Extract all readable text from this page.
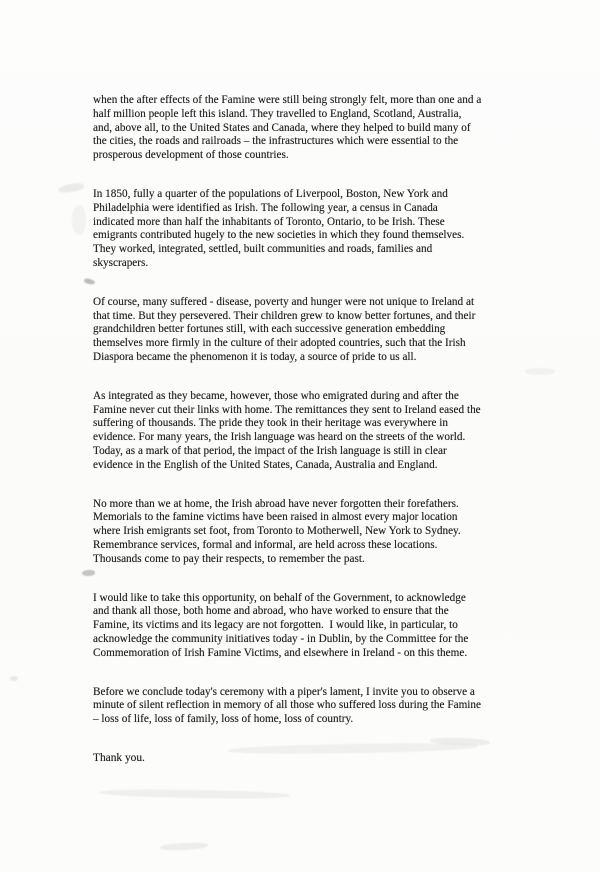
when the after effects of the Famine were still being strongly felt, more than one and a
half million people left this island. They travelled to England, Scotland, Australia,
and, above all, to the United States and Canada, where they helped to build many of
the cities, the roads and railroads – the infrastructures which were essential to the
prosperous development of those countries.

In 1850, fully a quarter of the populations of Liverpool, Boston, New York and
Philadelphia were identified as Irish. The following year, a census in Canada
indicated more than half the inhabitants of Toronto, Ontario, to be Irish. These
emigrants contributed hugely to the new societies in which they found themselves.
They worked, integrated, settled, built communities and roads, families and
skyscrapers.

Of course, many suffered - disease, poverty and hunger were not unique to Ireland at
that time. But they persevered. Their children grew to know better fortunes, and their
grandchildren better fortunes still, with each successive generation embedding
themselves more firmly in the culture of their adopted countries, such that the Irish
Diaspora became the phenomenon it is today, a source of pride to us all.

As integrated as they became, however, those who emigrated during and after the
Famine never cut their links with home. The remittances they sent to Ireland eased the
suffering of thousands. The pride they took in their heritage was everywhere in
evidence. For many years, the Irish language was heard on the streets of the world.
Today, as a mark of that period, the impact of the Irish language is still in clear
evidence in the English of the United States, Canada, Australia and England.

No more than we at home, the Irish abroad have never forgotten their forefathers.
Memorials to the famine victims have been raised in almost every major location
where Irish emigrants set foot, from Toronto to Motherwell, New York to Sydney.
Remembrance services, formal and informal, are held across these locations.
Thousands come to pay their respects, to remember the past.

I would like to take this opportunity, on behalf of the Government, to acknowledge
and thank all those, both home and abroad, who have worked to ensure that the
Famine, its victims and its legacy are not forgotten.  I would like, in particular, to
acknowledge the community initiatives today - in Dublin, by the Committee for the
Commemoration of Irish Famine Victims, and elsewhere in Ireland - on this theme.

Before we conclude today's ceremony with a piper's lament, I invite you to observe a
minute of silent reflection in memory of all those who suffered loss during the Famine
– loss of life, loss of family, loss of home, loss of country.

Thank you.
